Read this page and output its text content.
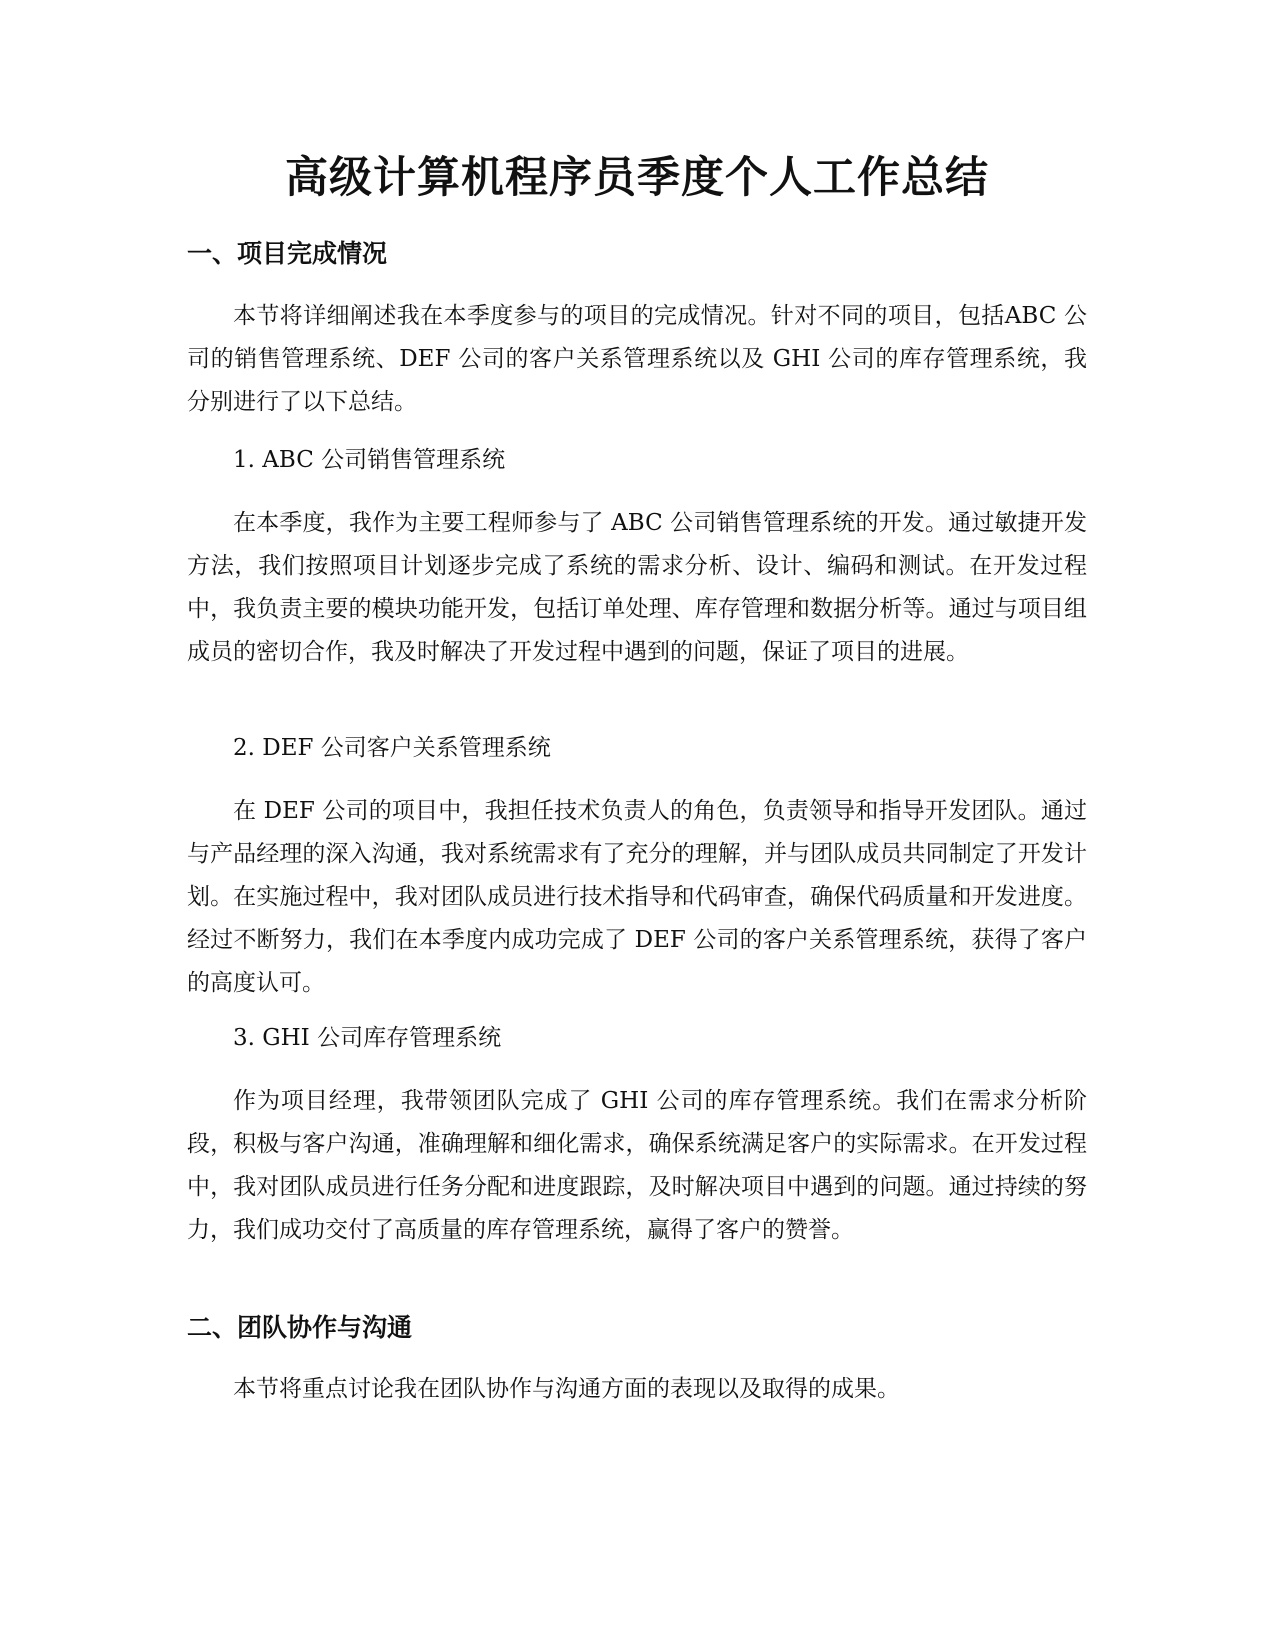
高级计算机程序员季度个人工作总结
一、项目完成情况

本节将详细阐述我在本季度参与的项目的完成情况。针对不同的项目，包括ABC 公司的销售管理系统、DEF 公司的客户关系管理系统以及 GHI 公司的库存管理系统，我分别进行了以下总结。

1. ABC 公司销售管理系统

在本季度，我作为主要工程师参与了 ABC 公司销售管理系统的开发。通过敏捷开发方法，我们按照项目计划逐步完成了系统的需求分析、设计、编码和测试。在开发过程中，我负责主要的模块功能开发，包括订单处理、库存管理和数据分析等。通过与项目组成员的密切合作，我及时解决了开发过程中遇到的问题，保证了项目的进展。

2. DEF 公司客户关系管理系统

在 DEF 公司的项目中，我担任技术负责人的角色，负责领导和指导开发团队。通过与产品经理的深入沟通，我对系统需求有了充分的理解，并与团队成员共同制定了开发计划。在实施过程中，我对团队成员进行技术指导和代码审查，确保代码质量和开发进度。经过不断努力，我们在本季度内成功完成了 DEF 公司的客户关系管理系统，获得了客户的高度认可。

3. GHI 公司库存管理系统

作为项目经理，我带领团队完成了 GHI 公司的库存管理系统。我们在需求分析阶段，积极与客户沟通，准确理解和细化需求，确保系统满足客户的实际需求。在开发过程中，我对团队成员进行任务分配和进度跟踪，及时解决项目中遇到的问题。通过持续的努力，我们成功交付了高质量的库存管理系统，赢得了客户的赞誉。

二、团队协作与沟通

本节将重点讨论我在团队协作与沟通方面的表现以及取得的成果。
